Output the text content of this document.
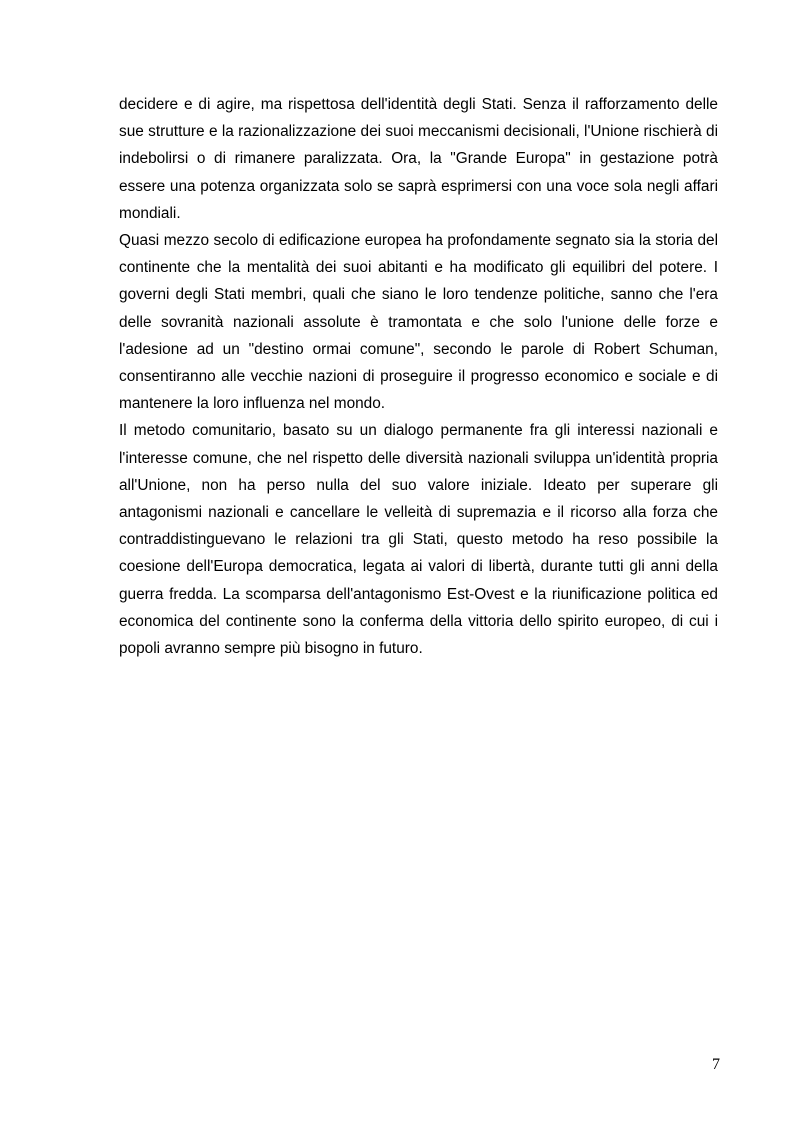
decidere e di agire, ma rispettosa dell'identità degli Stati. Senza il rafforzamento delle sue strutture e la razionalizzazione dei suoi meccanismi decisionali, l'Unione rischierà di indebolirsi o di rimanere paralizzata. Ora, la "Grande Europa" in gestazione potrà essere una potenza organizzata solo se saprà esprimersi con una voce sola negli affari mondiali.

Quasi mezzo secolo di edificazione europea ha profondamente segnato sia la storia del continente che la mentalità dei suoi abitanti e ha modificato gli equilibri del potere. I governi degli Stati membri, quali che siano le loro tendenze politiche, sanno che l'era delle sovranità nazionali assolute è tramontata e che solo l'unione delle forze e l'adesione ad un "destino ormai comune", secondo le parole di Robert Schuman, consentiranno alle vecchie nazioni di proseguire il progresso economico e sociale e di mantenere la loro influenza nel mondo.

Il metodo comunitario, basato su un dialogo permanente fra gli interessi nazionali e l'interesse comune, che nel rispetto delle diversità nazionali sviluppa un'identità propria all'Unione, non ha perso nulla del suo valore iniziale. Ideato per superare gli antagonismi nazionali e cancellare le velleità di supremazia e il ricorso alla forza che contraddistinguevano le relazioni tra gli Stati, questo metodo ha reso possibile la coesione dell'Europa democratica, legata ai valori di libertà, durante tutti gli anni della guerra fredda. La scomparsa dell'antagonismo Est-Ovest e la riunificazione politica ed economica del continente sono la conferma della vittoria dello spirito europeo, di cui i popoli avranno sempre più bisogno in futuro.

7
